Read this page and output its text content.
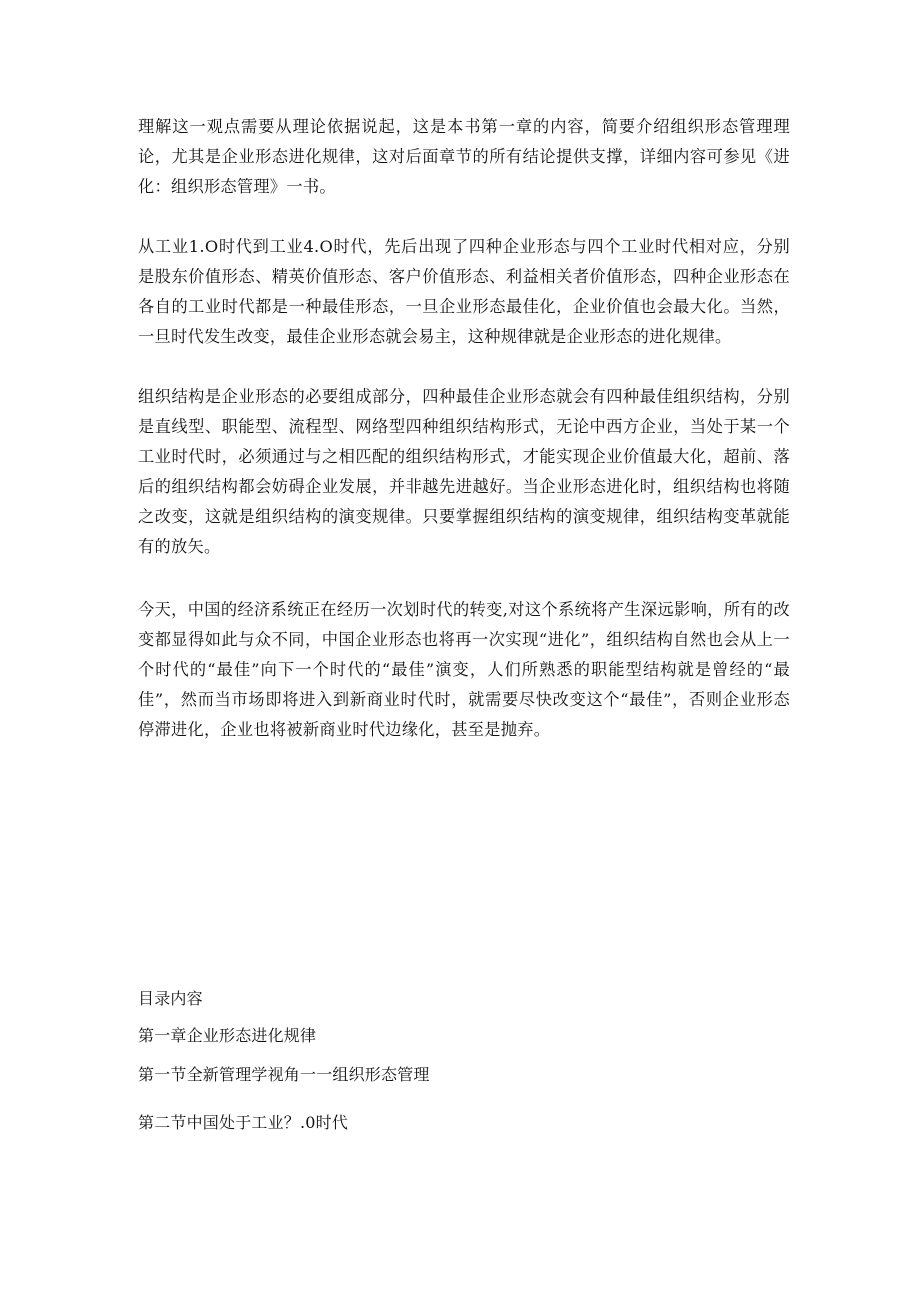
理解这一观点需要从理论依据说起，这是本书第一章的内容，简要介绍组织形态管理理论，尤其是企业形态进化规律，这对后面章节的所有结论提供支撑，详细内容可参见《进化：组织形态管理》一书。

从工业1.O时代到工业4.O时代，先后出现了四种企业形态与四个工业时代相对应，分别是股东价值形态、精英价值形态、客户价值形态、利益相关者价值形态，四种企业形态在各自的工业时代都是一种最佳形态，一旦企业形态最佳化，企业价值也会最大化。当然，一旦时代发生改变，最佳企业形态就会易主，这种规律就是企业形态的进化规律。

组织结构是企业形态的必要组成部分，四种最佳企业形态就会有四种最佳组织结构，分别是直线型、职能型、流程型、网络型四种组织结构形式，无论中西方企业，当处于某一个工业时代时，必须通过与之相匹配的组织结构形式，才能实现企业价值最大化，超前、落后的组织结构都会妨碍企业发展，并非越先进越好。当企业形态进化时，组织结构也将随之改变，这就是组织结构的演变规律。只要掌握组织结构的演变规律，组织结构变革就能有的放矢。

今天，中国的经济系统正在经历一次划时代的转变,对这个系统将产生深远影响，所有的改变都显得如此与众不同，中国企业形态也将再一次实现“进化”，组织结构自然也会从上一个时代的“最佳”向下一个时代的“最佳”演变，人们所熟悉的职能型结构就是曾经的“最佳”，然而当市场即将进入到新商业时代时，就需要尽快改变这个“最佳”，否则企业形态停滞进化，企业也将被新商业时代边缘化，甚至是抛弃。

目录内容

第一章企业形态进化规律

第一节全新管理学视角一一组织形态管理

第二节中国处于工业？.0时代
